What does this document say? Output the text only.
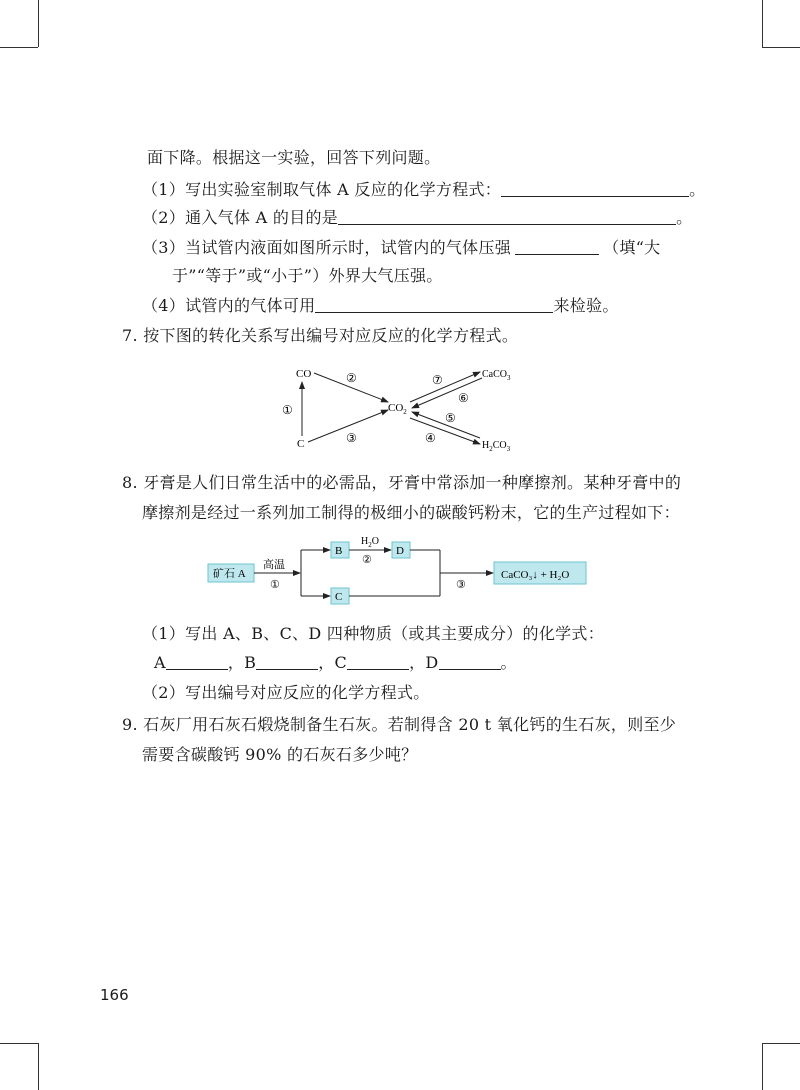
面下降。根据这一实验，回答下列问题。
（1）写出实验室制取气体 A 反应的化学方程式：	。
（2）通入气体 A 的目的是	。
（3）当试管内液面如图所示时，试管内的气体压强	（填“大
于”“等于”或“小于”）外界大气压强。
（4）试管内的气体可用	来检验。
7. 按下图的转化关系写出编号对应反应的化学方程式。
CO
C
$CO_2$
CaCO$_3$
$H_2CO_3$
①
②
③
⑦
⑥
⑤
④
8. 牙膏是人们日常生活中的必需品，牙膏中常添加一种摩擦剂。某种牙膏中的
摩擦剂是经过一系列加工制得的极细小的碳酸钙粉末，它的生产过程如下：
矿石 A
高温
①
B
$H_2O$
②
D
C
③
CaCO₃↓ + H₂O
（1）写出 A、B、C、D 四种物质（或其主要成分）的化学式：
A	，B	，C	，D	。
（2）写出编号对应反应的化学方程式。
9. 石灰厂用石灰石煅烧制备生石灰。若制得含 20 t 氧化钙的生石灰，则至少
需要含碳酸钙 90% 的石灰石多少吨？
166
